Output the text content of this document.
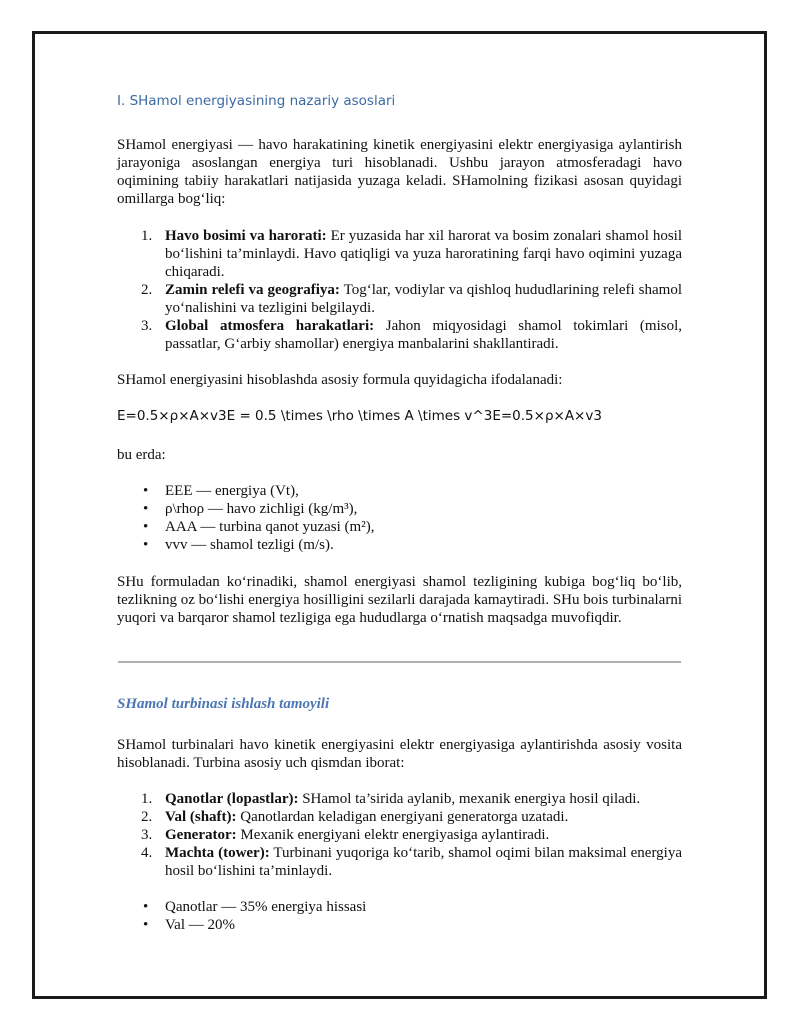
I. SHamol energiyasining nazariy asoslari
SHamol energiyasi — havo harakatining kinetik energiyasini elektr energiyasiga aylantirish jarayoniga asoslangan energiya turi hisoblanadi. Ushbu jarayon atmosferadagi havo oqimining tabiiy harakatlari natijasida yuzaga keladi. SHamolning fizikasi asosan quyidagi omillarga bog‘liq:
1. Havo bosimi va harorati: Er yuzasida har xil harorat va bosim zonalari shamol hosil bo‘lishini ta’minlaydi. Havo qatiqligi va yuza haroratining farqi havo oqimini yuzaga chiqaradi.
2. Zamin relefi va geografiya: Tog‘lar, vodiylar va qishloq hududlarining relefi shamol yo‘nalishini va tezligini belgilaydi.
3. Global atmosfera harakatlari: Jahon miqyosidagi shamol tokimlari (misol, passatlar, G‘arbiy shamollar) energiya manbalarini shakllantiradi.
SHamol energiyasini hisoblashda asosiy formula quyidagicha ifodalanadi:
E=0.5×ρ×A×v3E = 0.5 \times \rho \times A \times v^3E=0.5×ρ×A×v3
bu erda:
•	EEE — energiya (Vt),
•	ρ\rhoρ — havo zichligi (kg/m³),
•	AAA — turbina qanot yuzasi (m²),
•	vvv — shamol tezligi (m/s).
SHu formuladan ko‘rinadiki, shamol energiyasi shamol tezligining kubiga bog‘liq bo‘lib, tezlikning oz bo‘lishi energiya hosilligini sezilarli darajada kamaytiradi. SHu bois turbinalarni yuqori va barqaror shamol tezligiga ega hududlarga o‘rnatish maqsadga muvofiqdir.
SHamol turbinasi ishlash tamoyili
SHamol turbinalari havo kinetik energiyasini elektr energiyasiga aylantirishda asosiy vosita hisoblanadi. Turbina asosiy uch qismdan iborat:
1. Qanotlar (lopastlar): SHamol ta’sirida aylanib, mexanik energiya hosil qiladi.
2. Val (shaft): Qanotlardan keladigan energiyani generatorga uzatadi.
3. Generator: Mexanik energiyani elektr energiyasiga aylantiradi.
4. Machta (tower): Turbinani yuqoriga ko‘tarib, shamol oqimi bilan maksimal energiya hosil bo‘lishini ta’minlaydi.
•	Qanotlar — 35% energiya hissasi
•	Val — 20%
